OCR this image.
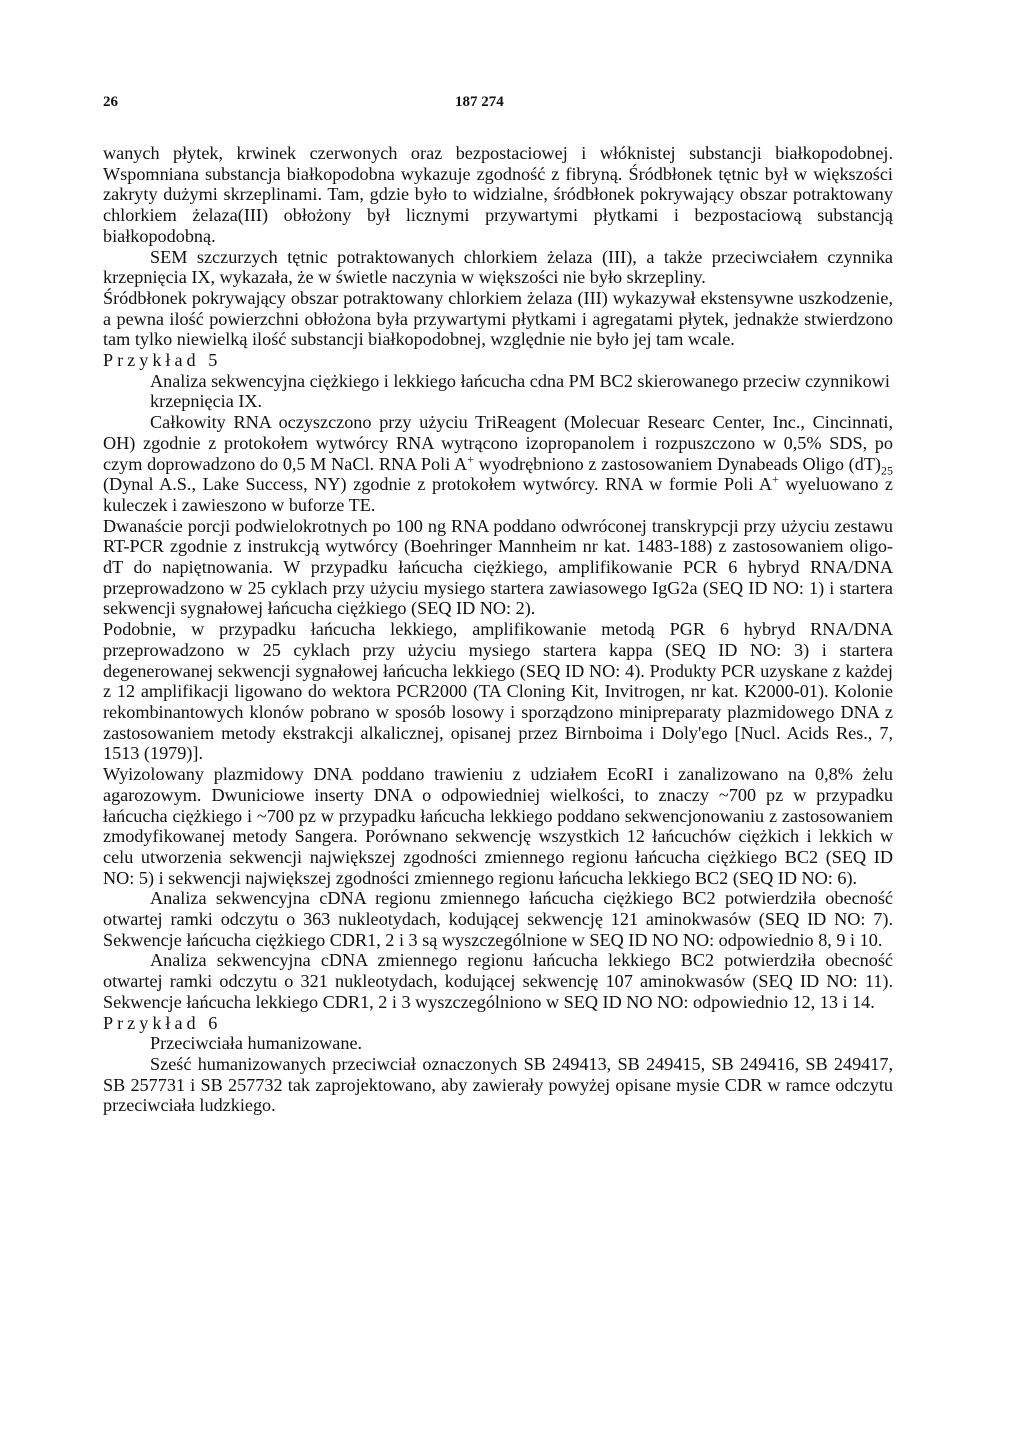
26	187 274

wanych płytek, krwinek czerwonych oraz bezpostaciowej i włóknistej substancji białkopodobnej. Wspomniana substancja białkopodobna wykazuje zgodność z fibryną. Śródbłonek tętnic był w większości zakryty dużymi skrzeplinami. Tam, gdzie było to widzialne, śródbłonek pokrywający obszar potraktowany chlorkiem żelaza(III) obłożony był licznymi przywartymi płytkami i bezpostaciową substancją białkopodobną.

SEM szczurzych tętnic potraktowanych chlorkiem żelaza (III), a także przeciwciałem czynnika krzepnięcia IX, wykazała, że w świetle naczynia w większości nie było skrzepliny.

Śródbłonek pokrywający obszar potraktowany chlorkiem żelaza (III) wykazywał ekstensywne uszkodzenie, a pewna ilość powierzchni obłożona była przywartymi płytkami i agregatami płytek, jednakże stwierdzono tam tylko niewielką ilość substancji białkopodobnej, względnie nie było jej tam wcale.

Przykład 5

Analiza sekwencyjna ciężkiego i lekkiego łańcucha cdna PM BC2 skierowanego przeciw czynnikowi krzepnięcia IX.

Całkowity RNA oczyszczono przy użyciu TriReagent (Molecuar Researc Center, Inc., Cincinnati, OH) zgodnie z protokołem wytwórcy RNA wytrącono izopropanolem i rozpuszczono w 0,5% SDS, po czym doprowadzono do 0,5 M NaCl. RNA Poli A+ wyodrębniono z zastosowaniem Dynabeads Oligo $(dT)_{25}$ (Dynal A.S., Lake Success, NY) zgodnie z protokołem wytwórcy. RNA w formie Poli A+ wyeluowano z kuleczek i zawieszono w buforze TE.

Dwanaście porcji podwielokrotnych po 100 ng RNA poddano odwróconej transkrypcji przy użyciu zestawu RT-PCR zgodnie z instrukcją wytwórcy (Boehringer Mannheim nr kat. 1483-188) z zastosowaniem oligo-dT do napiętnowania. W przypadku łańcucha ciężkiego, amplifikowanie PCR 6 hybryd RNA/DNA przeprowadzono w 25 cyklach przy użyciu mysiego startera zawiasowego IgG2a (SEQ ID NO: 1) i startera sekwencji sygnałowej łańcucha ciężkiego (SEQ ID NO: 2).

Podobnie, w przypadku łańcucha lekkiego, amplifikowanie metodą PGR 6 hybryd RNA/DNA przeprowadzono w 25 cyklach przy użyciu mysiego startera kappa (SEQ ID NO: 3) i startera degenerowanej sekwencji sygnałowej łańcucha lekkiego (SEQ ID NO: 4). Produkty PCR uzyskane z każdej z 12 amplifikacji ligowano do wektora PCR2000 (TA Cloning Kit, Invitrogen, nr kat. K2000-01). Kolonie rekombinantowych klonów pobrano w sposób losowy i sporządzono minipreparaty plazmidowego DNA z zastosowaniem metody ekstrakcji alkalicznej, opisanej przez Birnboima i Doly'ego [Nucl. Acids Res., 7, 1513 (1979)].

Wyizolowany plazmidowy DNA poddano trawieniu z udziałem EcoRI i zanalizowano na 0,8% żelu agarozowym. Dwuniciowe inserty DNA o odpowiedniej wielkości, to znaczy ~700 pz w przypadku łańcucha ciężkiego i ~700 pz w przypadku łańcucha lekkiego poddano sekwencjonowaniu z zastosowaniem zmodyfikowanej metody Sangera. Porównano sekwencję wszystkich 12 łańcuchów ciężkich i lekkich w celu utworzenia sekwencji największej zgodności zmiennego regionu łańcucha ciężkiego BC2 (SEQ ID NO: 5) i sekwencji największej zgodności zmiennego regionu łańcucha lekkiego BC2 (SEQ ID NO: 6).

Analiza sekwencyjna cDNA regionu zmiennego łańcucha ciężkiego BC2 potwierdziła obecność otwartej ramki odczytu o 363 nukleotydach, kodującej sekwencję 121 aminokwasów (SEQ ID NO: 7). Sekwencje łańcucha ciężkiego CDR1, 2 i 3 są wyszczególnione w SEQ ID NO NO: odpowiednio 8, 9 i 10.

Analiza sekwencyjna cDNA zmiennego regionu łańcucha lekkiego BC2 potwierdziła obecność otwartej ramki odczytu o 321 nukleotydach, kodującej sekwencję 107 aminokwasów (SEQ ID NO: 11). Sekwencje łańcucha lekkiego CDR1, 2 i 3 wyszczególniono w SEQ ID NO NO: odpowiednio 12, 13 i 14.

Przykład 6

Przeciwciała humanizowane.

Sześć humanizowanych przeciwciał oznaczonych SB 249413, SB 249415, SB 249416, SB 249417, SB 257731 i SB 257732 tak zaprojektowano, aby zawierały powyżej opisane mysie CDR w ramce odczytu przeciwciała ludzkiego.
